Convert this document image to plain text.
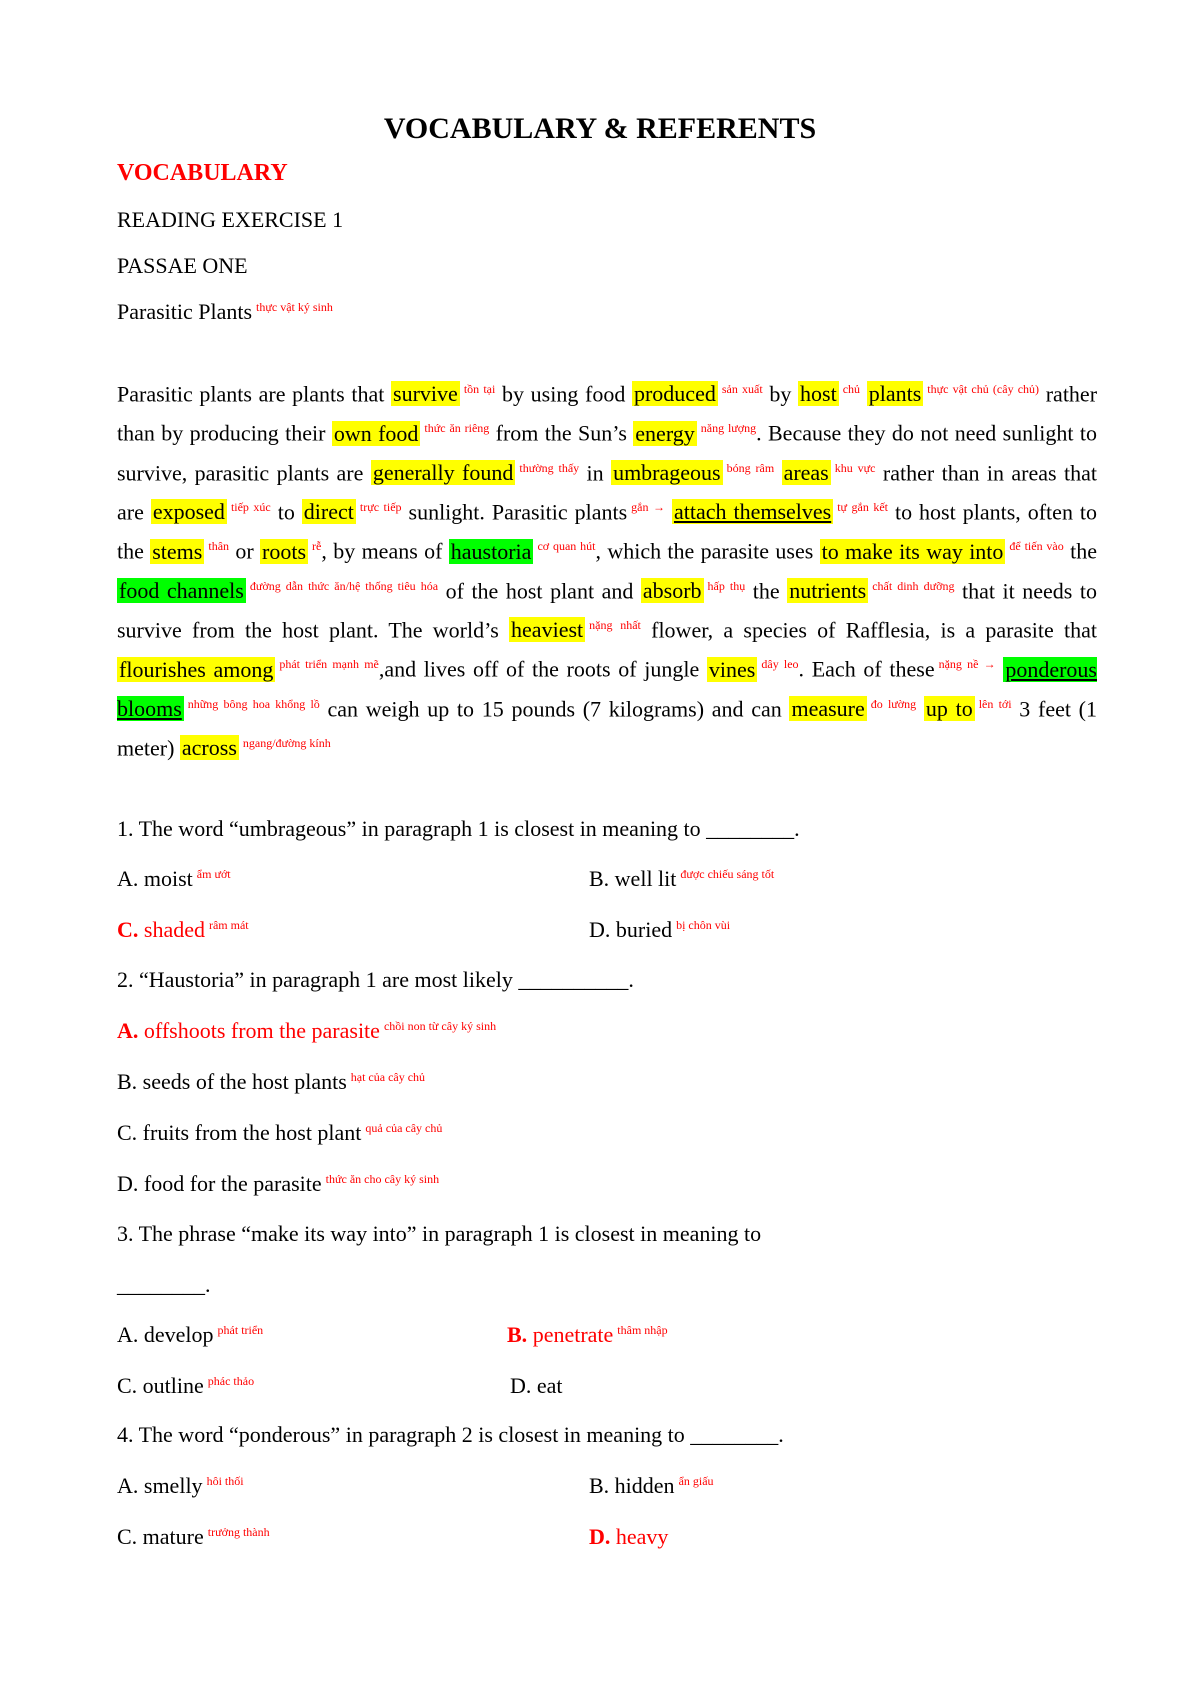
VOCABULARY & REFERENTS
VOCABULARY
READING EXERCISE 1
PASSAE ONE
Parasitic Plants $^{thực vật ký sinh}$
Parasitic plants are plants that survive $^{tồn tại}$ by using food produced $^{sản xuất}$ by host $^{chủ}$ plants $^{thực vật chủ (cây chủ)}$ rather than by producing their own food $^{thức ăn riêng}$ from the Sun’s energy $^{năng lượng}$. Because they do not need sunlight to survive, parasitic plants are generally found $^{thường thấy}$ in umbrageous $^{bóng râm}$ areas $^{khu vực}$ rather than in areas that are exposed $^{tiếp xúc}$ to direct $^{trực tiếp}$ sunlight. Parasitic plants $^{gắn \to}$ attach themselves $^{tự gắn kết}$ to host plants, often to the stems $^{thân}$ or roots $^{rễ}$, by means of haustoria $^{cơ quan hút}$, which the parasite uses to make its way into $^{để tiến vào}$ the food channels $^{đường dẫn thức ăn/hệ thống tiêu hóa}$ of the host plant and absorb $^{hấp thụ}$ the nutrients $^{chất dinh dưỡng}$ that it needs to survive from the host plant. The world’s heaviest $^{nặng nhất}$ flower, a species of Rafflesia, is a parasite that flourishes among $^{phát triển mạnh mẽ}$,and lives off of the roots of jungle vines $^{dây leo}$. Each of these $^{nặng nề \to}$ ponderous blooms $^{những bông hoa khổng lồ}$ can weigh up to 15 pounds (7 kilograms) and can measure $^{đo lường}$ up to $^{lên tới}$ 3 feet (1 meter) across $^{ngang/đường kính}$
1. The word “umbrageous” in paragraph 1 is closest in meaning to ________.
A. moist $^{ẩm ướt}$	B. well lit $^{được chiếu sáng tốt}$
C. shaded $^{râm mát}$	D. buried $^{bị chôn vùi}$
2. “Haustoria” in paragraph 1 are most likely __________.
A. offshoots from the parasite $^{chồi non từ cây ký sinh}$
B. seeds of the host plants $^{hạt của cây chủ}$
C. fruits from the host plant $^{quả của cây chủ}$
D. food for the parasite $^{thức ăn cho cây ký sinh}$
3. The phrase “make its way into” in paragraph 1 is closest in meaning to
________.
A. develop $^{phát triển}$	B. penetrate $^{thâm nhập}$
C. outline $^{phác thảo}$	D. eat
4. The word “ponderous” in paragraph 2 is closest in meaning to ________.
A. smelly $^{hôi thối}$	B. hidden $^{ẩn giấu}$
C. mature $^{trưởng thành}$	D. heavy
